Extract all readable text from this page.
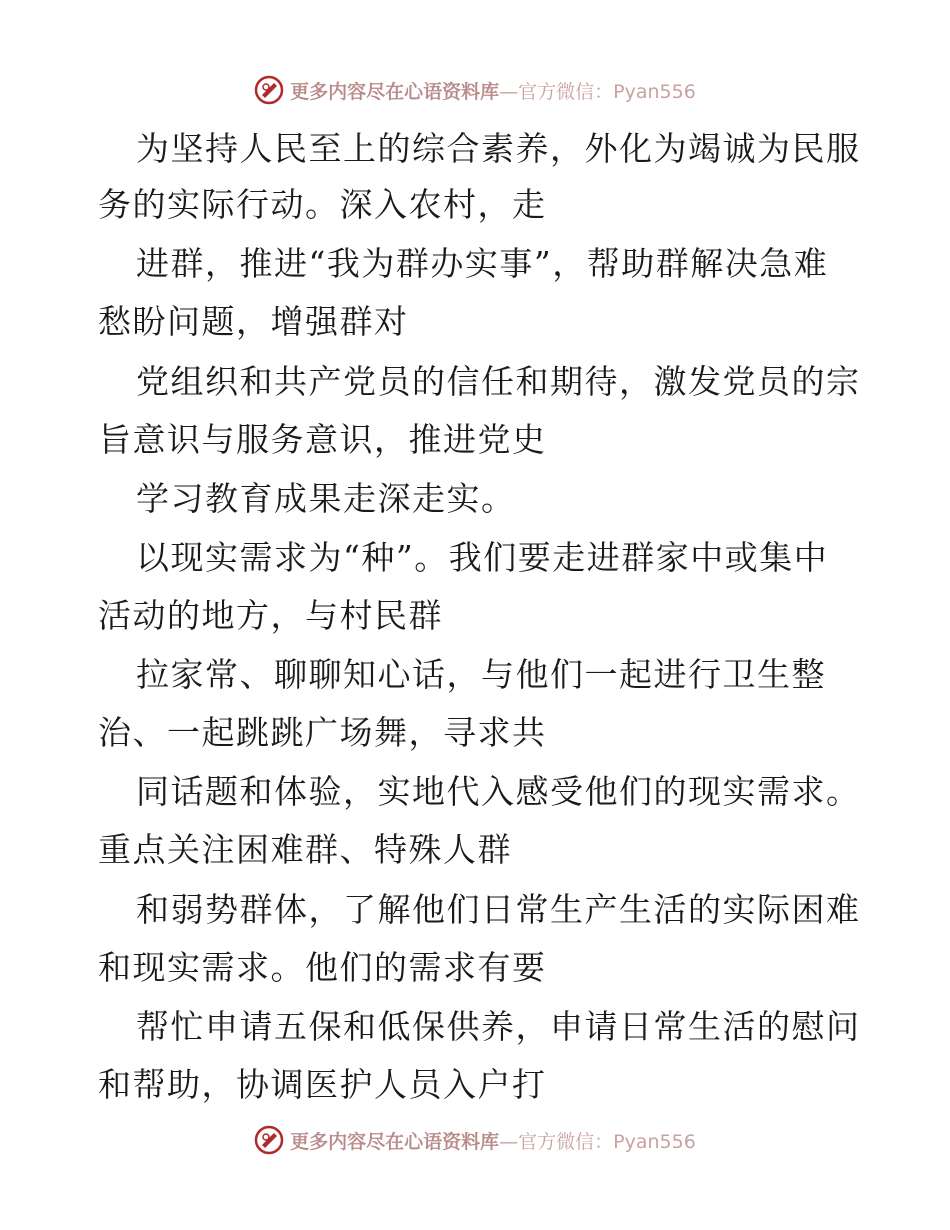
更多内容尽在心语资料库—官方微信：Pyan556
为坚持人民至上的综合素养，外化为竭诚为民服
务的实际行动。深入农村，走
进群，推进“我为群办实事”，帮助群解决急难
愁盼问题，增强群对
党组织和共产党员的信任和期待，激发党员的宗
旨意识与服务意识，推进党史
学习教育成果走深走实。
以现实需求为“种”。我们要走进群家中或集中
活动的地方，与村民群
拉家常、聊聊知心话，与他们一起进行卫生整
治、一起跳跳广场舞，寻求共
同话题和体验，实地代入感受他们的现实需求。
重点关注困难群、特殊人群
和弱势群体，了解他们日常生产生活的实际困难
和现实需求。他们的需求有要
帮忙申请五保和低保供养，申请日常生活的慰问
和帮助，协调医护人员入户打
更多内容尽在心语资料库—官方微信：Pyan556
